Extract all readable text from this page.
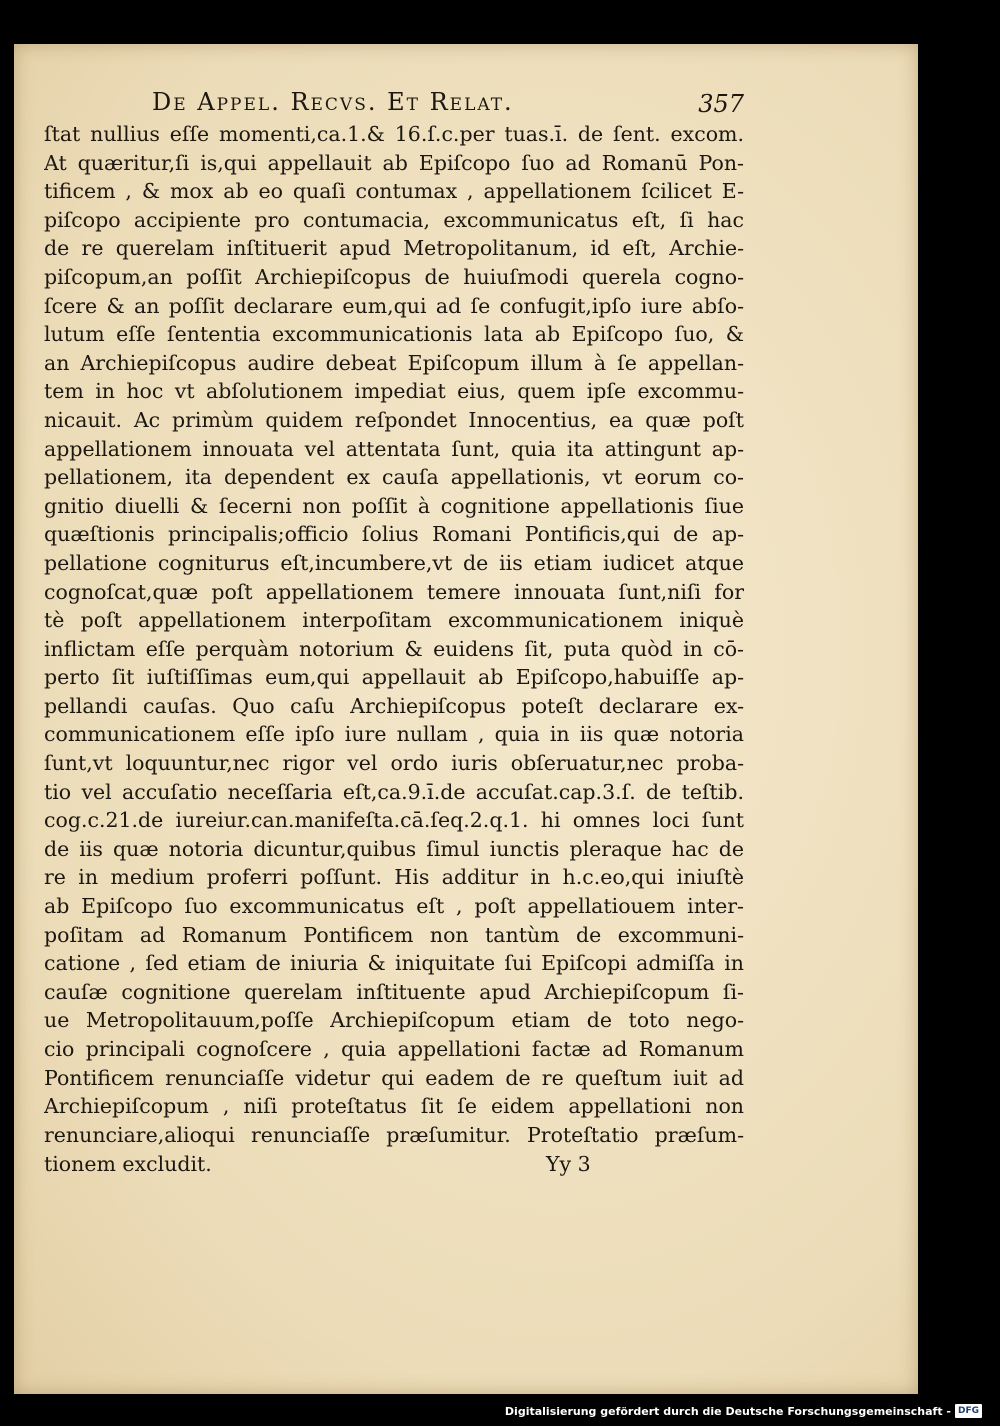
De Appel. Recvs. Et Relat.	357
ſtat nullius eſſe momenti,ca.1.& 16.ſ.c.per tuas.ī. de ſent. excom.
At quæritur,ſi is,qui appellauit ab Epiſcopo ſuo ad Romanū Pon-
tificem , & mox ab eo quaſi contumax , appellationem ſcilicet E-
piſcopo accipiente pro contumacia, excommunicatus eſt, ſi hac
de re querelam inſtituerit apud Metropolitanum, id eſt, Archie-
piſcopum,an poſſit Archiepiſcopus de huiuſmodi querela cogno-
ſcere & an poſſit declarare eum,qui ad ſe confugit,ipſo iure abſo-
lutum eſſe ſententia excommunicationis lata ab Epiſcopo ſuo, &
an Archiepiſcopus audire debeat Epiſcopum illum à ſe appellan-
tem in hoc vt abſolutionem impediat eius, quem ipſe excommu-
nicauit. Ac primùm quidem reſpondet Innocentius, ea quæ poſt
appellationem innouata vel attentata ſunt, quia ita attingunt ap-
pellationem, ita dependent ex cauſa appellationis, vt eorum co-
gnitio diuelli & ſecerni non poſſit à cognitione appellationis ſiue
quæſtionis principalis;officio ſolius Romani Pontificis,qui de ap-
pellatione cogniturus eſt,incumbere,vt de iis etiam iudicet atque
cognoſcat,quæ poſt appellationem temere innouata ſunt,niſi for
tè poſt appellationem interpoſitam excommunicationem iniquè
inflictam eſſe perquàm notorium & euidens ſit, puta quòd in cō-
perto ſit iuſtiſſimas eum,qui appellauit ab Epiſcopo,habuiſſe ap-
pellandi cauſas. Quo caſu Archiepiſcopus poteſt declarare ex-
communicationem eſſe ipſo iure nullam , quia in iis quæ notoria
ſunt,vt loquuntur,nec rigor vel ordo iuris obſeruatur,nec proba-
tio vel accuſatio neceſſaria eſt,ca.9.ī.de accuſat.cap.3.ſ. de teſtib.
cog.c.21.de iureiur.can.manifeſta.cā.ſeq.2.q.1. hi omnes loci ſunt
de iis quæ notoria dicuntur,quibus ſimul iunctis pleraque hac de
re in medium proferri poſſunt. His additur in h.c.eo,qui iniuſtè
ab Epiſcopo ſuo excommunicatus eſt , poſt appellatiouem inter-
poſitam ad Romanum Pontificem non tantùm de excommuni-
catione , ſed etiam de iniuria & iniquitate ſui Epiſcopi admiſſa in
cauſæ cognitione querelam inſtituente apud Archiepiſcopum ſi-
ue Metropolitauum,poſſe Archiepiſcopum etiam de toto nego-
cio principali cognoſcere , quia appellationi factæ ad Romanum
Pontificem renunciaſſe videtur qui eadem de re queſtum iuit ad
Archiepiſcopum , niſi proteſtatus ſit ſe eidem appellationi non
renunciare,alioqui renunciaſſe præſumitur. Proteſtatio præſum-
tionem excludit.	Yy 3
Digitalisierung gefördert durch die Deutsche Forschungsgemeinschaft - DFG
